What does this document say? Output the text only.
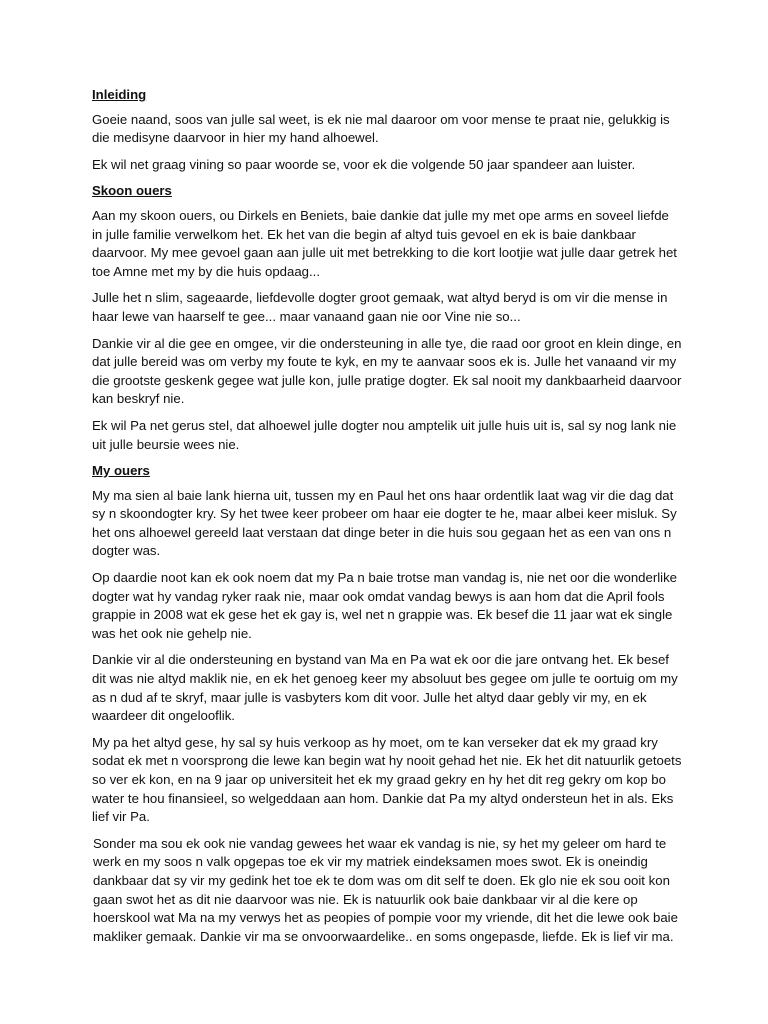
Inleiding

Goeie naand, soos van julle sal weet, is ek nie mal daaroor om voor mense te praat nie, gelukkig is die medisyne daarvoor in hier my hand alhoewel.

Ek wil net graag vining so paar woorde se, voor ek die volgende 50 jaar spandeer aan luister.

Skoon ouers

Aan my skoon ouers, ou Dirkels en Beniets, baie dankie dat julle my met ope arms en soveel liefde in julle familie verwelkom het. Ek het van die begin af altyd tuis gevoel en ek is baie dankbaar daarvoor. My mee gevoel gaan aan julle uit met betrekking to die kort lootjie wat julle daar getrek het toe Amne met my by die huis opdaag...

Julle het n slim, sageaarde, liefdevolle dogter groot gemaak, wat altyd beryd is om vir die mense in haar lewe van haarself te gee... maar vanaand gaan nie oor Vine nie so...

Dankie vir al die gee en omgee, vir die ondersteuning in alle tye, die raad oor groot en klein dinge, en dat julle bereid was om verby my foute te kyk, en my te aanvaar soos ek is. Julle het vanaand vir my die grootste geskenk gegee wat julle kon, julle pratige dogter. Ek sal nooit my dankbaarheid daarvoor kan beskryf nie.

Ek wil Pa net gerus stel, dat alhoewel julle dogter nou amptelik uit julle huis uit is, sal sy nog lank nie uit julle beursie wees nie.

My ouers

My ma sien al baie lank hierna uit, tussen my en Paul het ons haar ordentlik laat wag vir die dag dat sy n skoondogter kry. Sy het twee keer probeer om haar eie dogter te he, maar albei keer misluk. Sy het ons alhoewel gereeld laat verstaan dat dinge beter in die huis sou gegaan het as een van ons n dogter was.

Op daardie noot kan ek ook noem dat my Pa n baie trotse man vandag is, nie net oor die wonderlike dogter wat hy vandag ryker raak nie, maar ook omdat vandag bewys is aan hom dat die April fools grappie in 2008 wat ek gese het ek gay is, wel net n grappie was. Ek besef die 11 jaar wat ek single was het ook nie gehelp nie.

Dankie vir al die ondersteuning en bystand van Ma en Pa wat ek oor die jare ontvang het. Ek besef dit was nie altyd maklik nie, en ek het genoeg keer my absoluut bes gegee om julle te oortuig om my as n dud af te skryf, maar julle is vasbyters kom dit voor. Julle het altyd daar gebly vir my, en ek waardeer dit ongelooflik.

My pa het altyd gese, hy sal sy huis verkoop as hy moet, om te kan verseker dat ek my graad kry sodat ek met n voorsprong die lewe kan begin wat hy nooit gehad het nie. Ek het dit natuurlik getoets so ver ek kon, en na 9 jaar op universiteit het ek my graad gekry en hy het dit reg gekry om kop bo water te hou finansieel, so welgeddaan aan hom. Dankie dat Pa my altyd ondersteun het in als. Eks lief vir Pa.

Sonder ma sou ek ook nie vandag gewees het waar ek vandag is nie, sy het my geleer om hard te werk en my soos n valk opgepas toe ek vir my matriek eindeksamen moes swot. Ek is oneindig dankbaar dat sy vir my gedink het toe ek te dom was om dit self te doen. Ek glo nie ek sou ooit kon gaan swot het as dit nie daarvoor was nie. Ek is natuurlik ook baie dankbaar vir al die kere op hoerskool wat Ma na my verwys het as peopies of pompie voor my vriende, dit het die lewe ook baie makliker gemaak. Dankie vir ma se onvoorwaardelike.. en soms ongepasde, liefde. Ek is lief vir ma.
